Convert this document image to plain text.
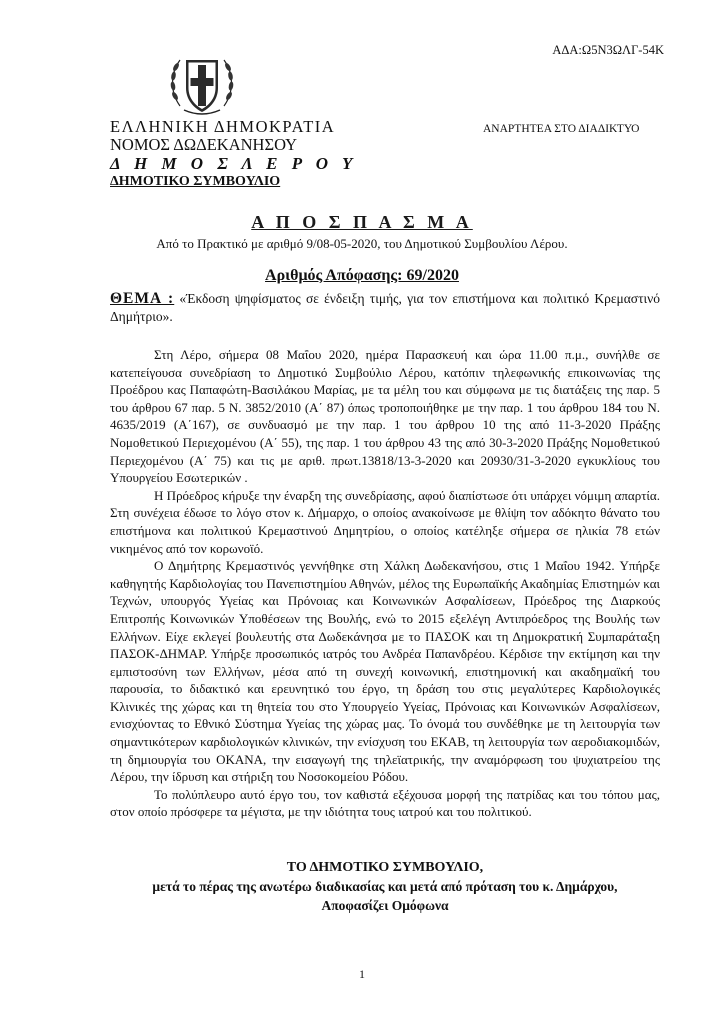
ΑΔΑ:Ω5Ν3ΩΛΓ-54Κ
ΕΛΛΗΝΙΚΗ ΔΗΜΟΚΡΑΤΙΑ
ΝΟΜΟΣ ΔΩΔΕΚΑΝΗΣΟΥ
Δ Η Μ Ο Σ Λ Ε Ρ Ο Υ
ΔΗΜΟΤΙΚΟ ΣΥΜΒΟΥΛΙΟ
ΑΝΑΡΤΗΤΕΑ ΣΤΟ ΔΙΑΔΙΚΤΥΟ
Α Π Ο Σ Π Α Σ Μ Α
Από το Πρακτικό με αριθμό 9/08-05-2020, του Δημοτικού Συμβουλίου Λέρου.
Αριθμός Απόφασης: 69/2020
ΘΕΜΑ : «Έκδοση ψηφίσματος σε ένδειξη τιμής, για τον επιστήμονα και πολιτικό Κρεμαστινό Δημήτριο».

Στη Λέρο, σήμερα 08 Μαΐου 2020, ημέρα Παρασκευή και ώρα 11.00 π.μ., συνήλθε σε κατεπείγουσα συνεδρίαση το Δημοτικό Συμβούλιο Λέρου, κατόπιν τηλεφωνικής επικοινωνίας της Προέδρου κας Παπαφώτη-Βασιλάκου Μαρίας, με τα μέλη του και σύμφωνα με τις διατάξεις της παρ. 5 του άρθρου 67 παρ. 5 Ν. 3852/2010 (Α΄ 87) όπως τροποποιήθηκε με την παρ. 1 του άρθρου 184 του Ν. 4635/2019 (Α΄167), σε συνδυασμό με την παρ. 1 του άρθρου 10 της από 11-3-2020 Πράξης Νομοθετικού Περιεχομένου (Α΄ 55), της παρ. 1 του άρθρου 43 της από 30-3-2020 Πράξης Νομοθετικού Περιεχομένου (Α΄ 75) και τις με αριθ. πρωτ.13818/13-3-2020 και 20930/31-3-2020 εγκυκλίους του Υπουργείου Εσωτερικών .

Η Πρόεδρος κήρυξε την έναρξη της συνεδρίασης, αφού διαπίστωσε ότι υπάρχει νόμιμη απαρτία. Στη συνέχεια έδωσε το λόγο στον κ. Δήμαρχο, ο οποίος ανακοίνωσε με θλίψη τον αδόκητο θάνατο του επιστήμονα και πολιτικού Κρεμαστινού Δημητρίου, ο οποίος κατέληξε σήμερα σε ηλικία 78 ετών νικημένος από τον κορωνοϊό.

Ο Δημήτρης Κρεμαστινός γεννήθηκε στη Χάλκη Δωδεκανήσου, στις 1 Μαΐου 1942. Υπήρξε καθηγητής Καρδιολογίας του Πανεπιστημίου Αθηνών, μέλος της Ευρωπαϊκής Ακαδημίας Επιστημών και Τεχνών, υπουργός Υγείας και Πρόνοιας και Κοινωνικών Ασφαλίσεων, Πρόεδρος της Διαρκούς Επιτροπής Κοινωνικών Υποθέσεων της Βουλής, ενώ το 2015 εξελέγη Αντιπρόεδρος της Βουλής των Ελλήνων. Είχε εκλεγεί βουλευτής στα Δωδεκάνησα με το ΠΑΣΟΚ και τη Δημοκρατική Συμπαράταξη ΠΑΣΟΚ-ΔΗΜΑΡ. Υπήρξε προσωπικός ιατρός του Ανδρέα Παπανδρέου. Κέρδισε την εκτίμηση και την εμπιστοσύνη των Ελλήνων, μέσα από τη συνεχή κοινωνική, επιστημονική και ακαδημαϊκή του παρουσία, το διδακτικό και ερευνητικό του έργο, τη δράση του στις μεγαλύτερες Καρδιολογικές Κλινικές της χώρας και τη θητεία του στο Υπουργείο Υγείας, Πρόνοιας και Κοινωνικών Ασφαλίσεων, ενισχύοντας το Εθνικό Σύστημα Υγείας της χώρας μας. Το όνομά του συνδέθηκε με τη λειτουργία των σημαντικότερων καρδιολογικών κλινικών, την ενίσχυση του ΕΚΑΒ, τη λειτουργία των αεροδιακομιδών, τη δημιουργία του ΟΚΑΝΑ, την εισαγωγή της τηλεϊατρικής, την αναμόρφωση του ψυχιατρείου της Λέρου, την ίδρυση και στήριξη του Νοσοκομείου Ρόδου.

Το πολύπλευρο αυτό έργο του, τον καθιστά εξέχουσα μορφή της πατρίδας και του τόπου μας, στον οποίο πρόσφερε τα μέγιστα, με την ιδιότητα τους ιατρού και του πολιτικού.

ΤΟ ΔΗΜΟΤΙΚΟ ΣΥΜΒΟΥΛΙΟ,
μετά το πέρας της ανωτέρω διαδικασίας και μετά από πρόταση του κ. Δημάρχου,
Αποφασίζει Ομόφωνα
1
